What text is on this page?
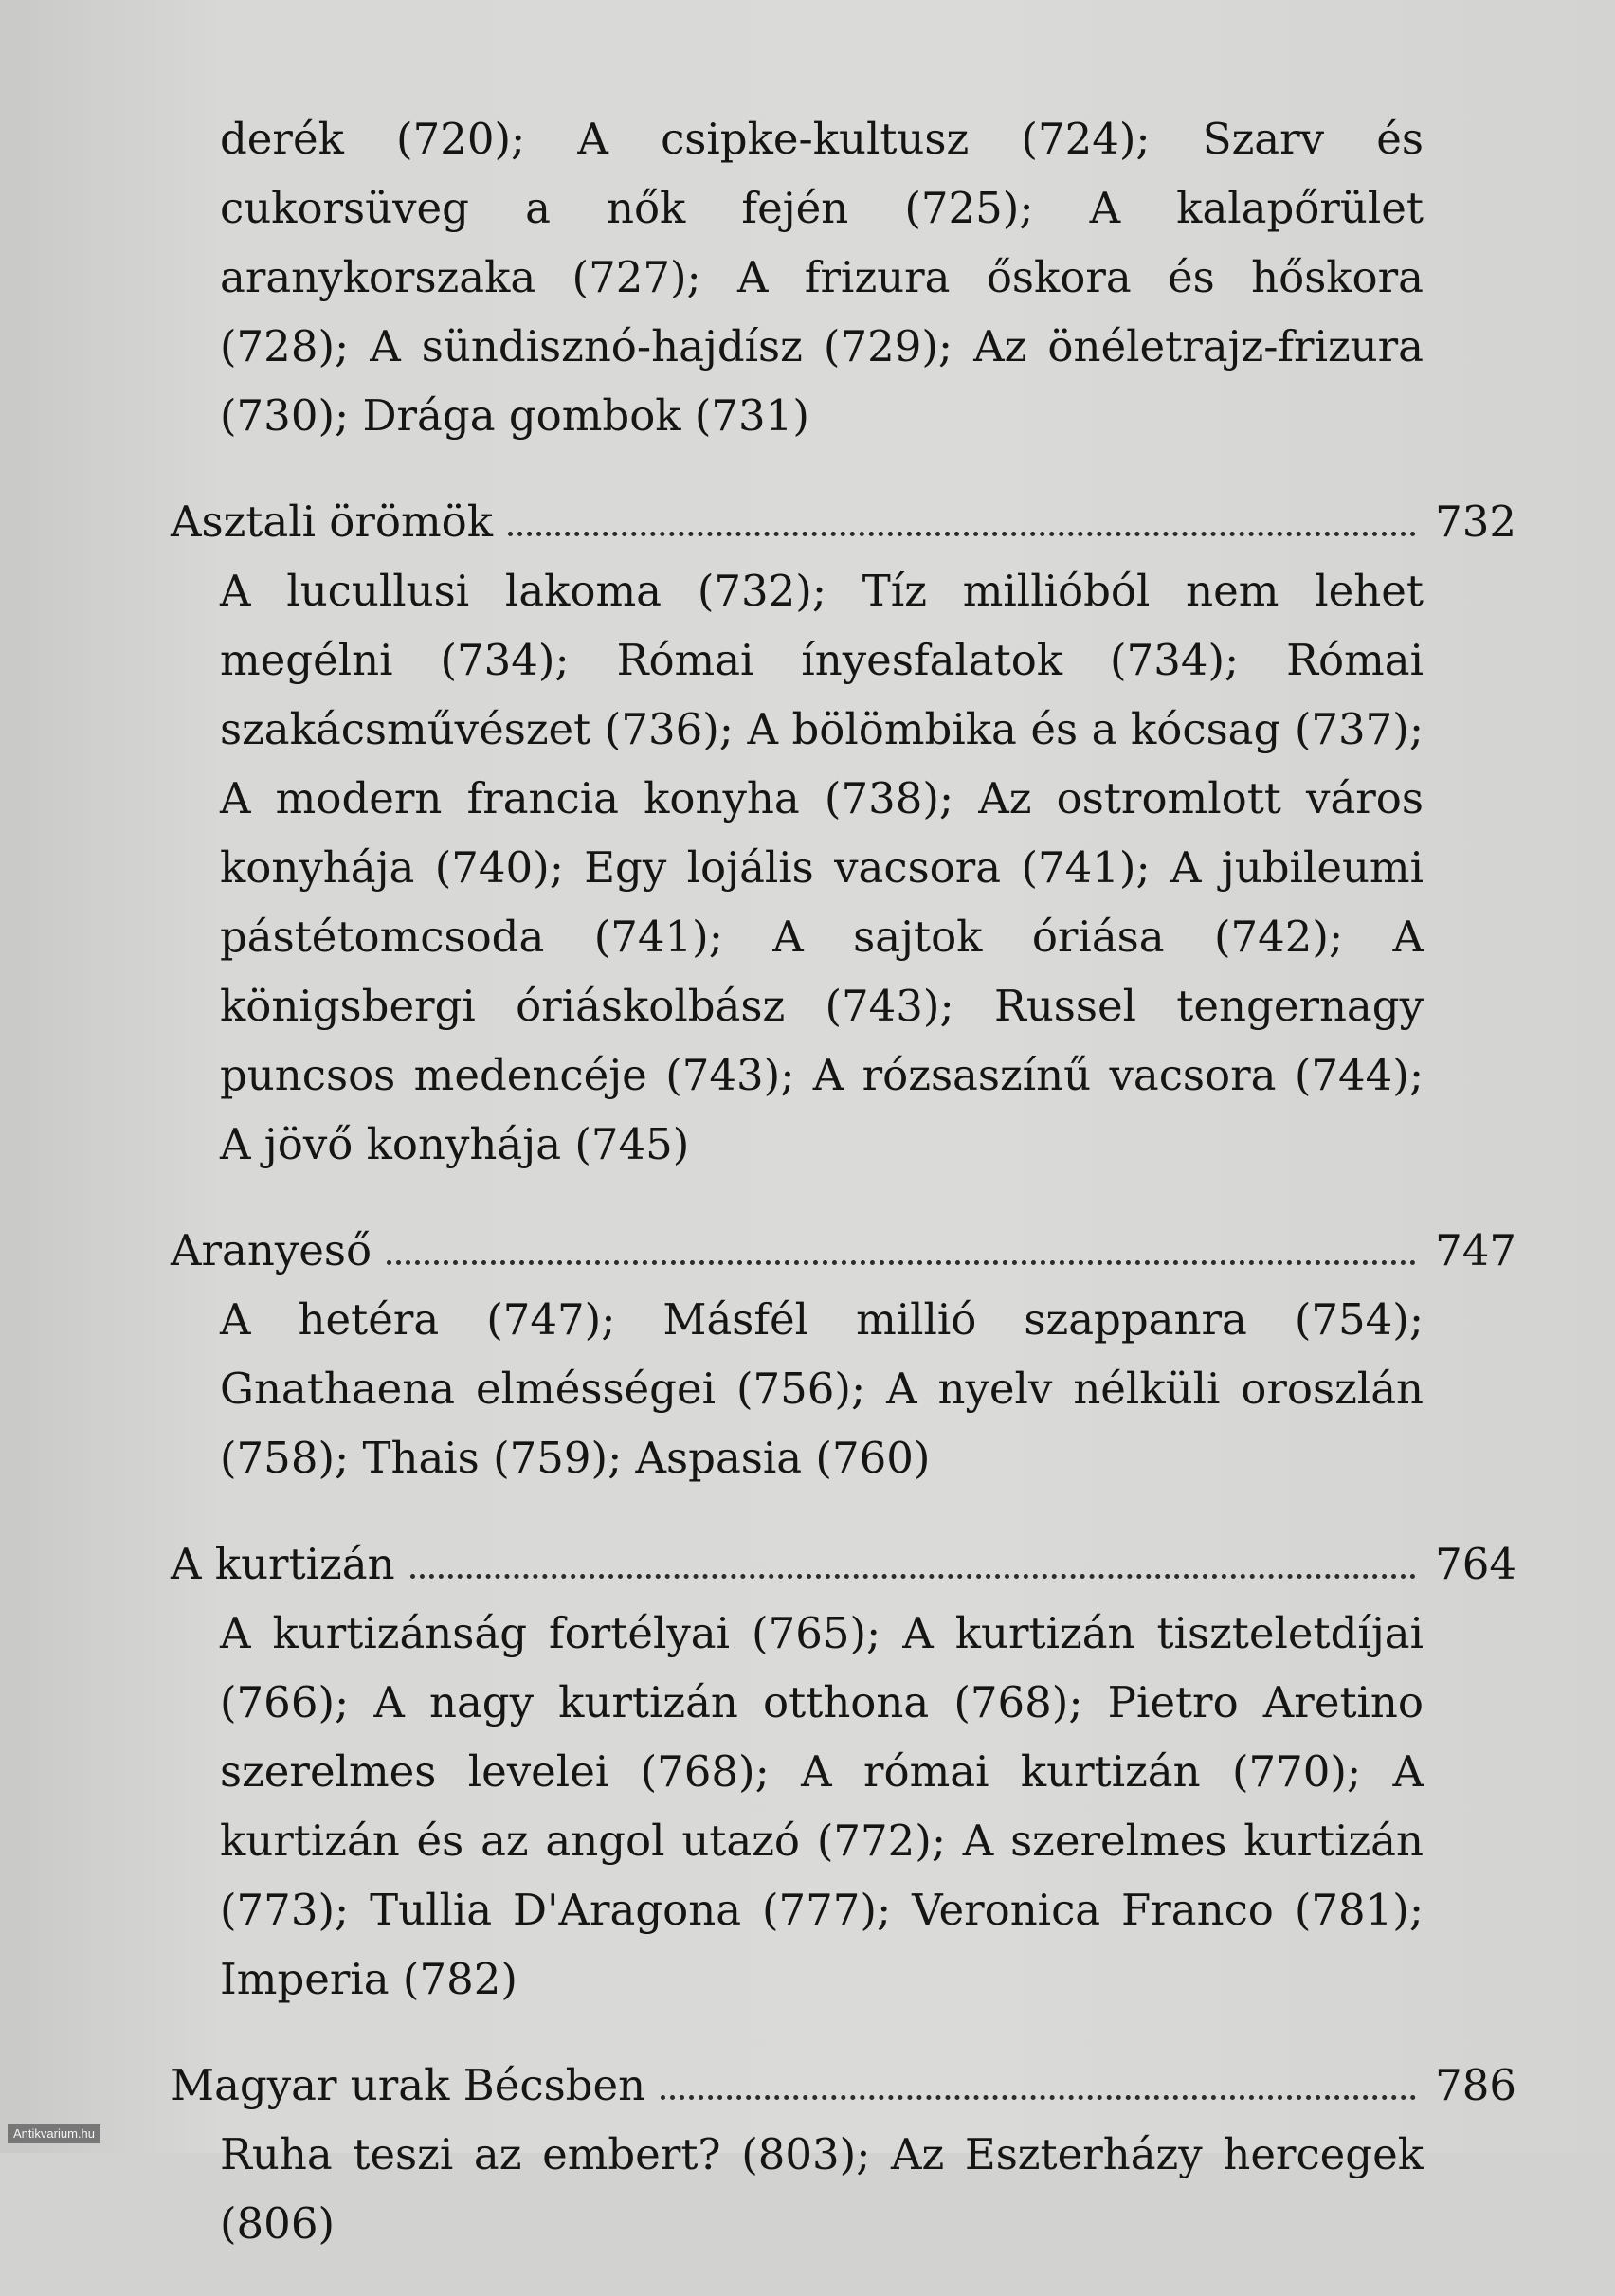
derék (720); A csipke-kultusz (724); Szarv és cukorsüveg a nők fején (725); A kalapőrület aranykorszaka (727); A frizura őskora és hőskora (728); A sündisznó-hajdísz (729); Az önéletrajz-frizura (730); Drága gombok (731)
Asztali örömök	732
A lucullusi lakoma (732); Tíz millióból nem lehet megélni (734); Római ínyesfalatok (734); Római szakácsművészet (736); A bölömbika és a kócsag (737); A modern francia konyha (738); Az ostromlott város konyhája (740); Egy lojális vacsora (741); A jubileumi pástétomcsoda (741); A sajtok óriása (742); A königsbergi óriáskolbász (743); Russel tengernagy puncsos medencéje (743); A rózsaszínű vacsora (744); A jövő konyhája (745)
Aranyeső	747
A hetéra (747); Másfél millió szappanra (754); Gnathaena elmésségei (756); A nyelv nélküli oroszlán (758); Thais (759); Aspasia (760)
A kurtizán	764
A kurtizánság fortélyai (765); A kurtizán tiszteletdíjai (766); A nagy kurtizán otthona (768); Pietro Aretino szerelmes levelei (768); A római kurtizán (770); A kurtizán és az angol utazó (772); A szerelmes kurtizán (773); Tullia D'Aragona (777); Veronica Franco (781); Imperia (782)
Magyar urak Bécsben	786
Ruha teszi az embert? (803); Az Eszterházy hercegek (806)
Antikvarium.hu
